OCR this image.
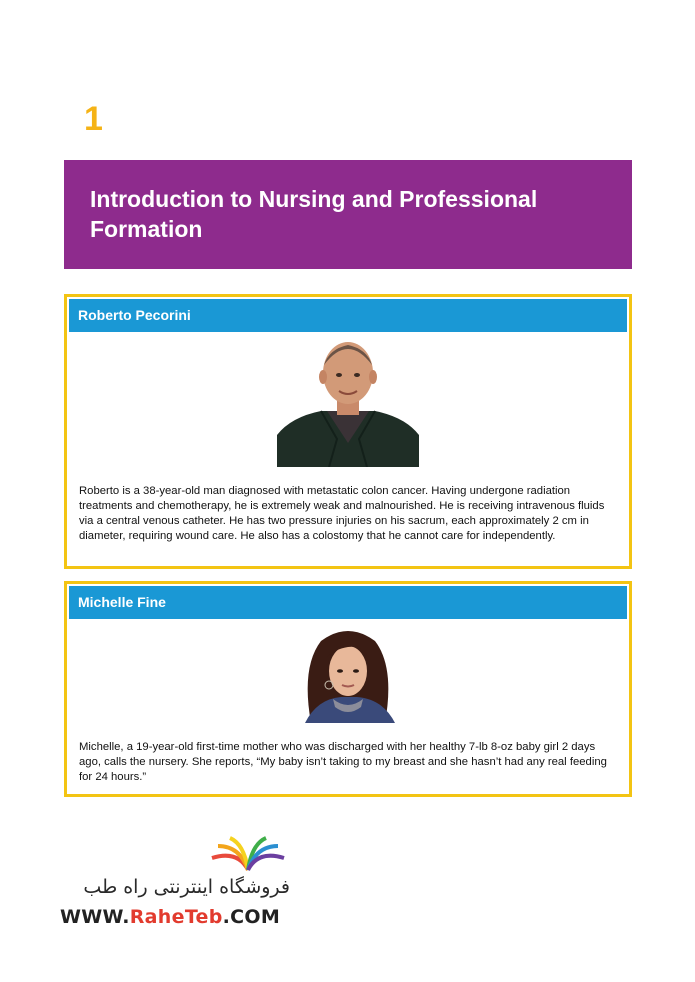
1
Introduction to Nursing and Professional Formation
Roberto Pecorini

Roberto is a 38-year-old man diagnosed with metastatic colon cancer. Having undergone radiation treatments and chemotherapy, he is extremely weak and malnourished. He is receiving intravenous fluids via a central venous catheter. He has two pressure injuries on his sacrum, each approximately 2 cm in diameter, requiring wound care. He also has a colostomy that he cannot care for independently.

Michelle Fine

Michelle, a 19-year-old first-time mother who was discharged with her healthy 7-lb 8-oz baby girl 2 days ago, calls the nursery. She reports, “My baby isn’t taking to my breast and she hasn’t had any real feeding for 24 hours.”

فروشگاه اینترنتی راه طب
WWW.RaheTeb.COM
